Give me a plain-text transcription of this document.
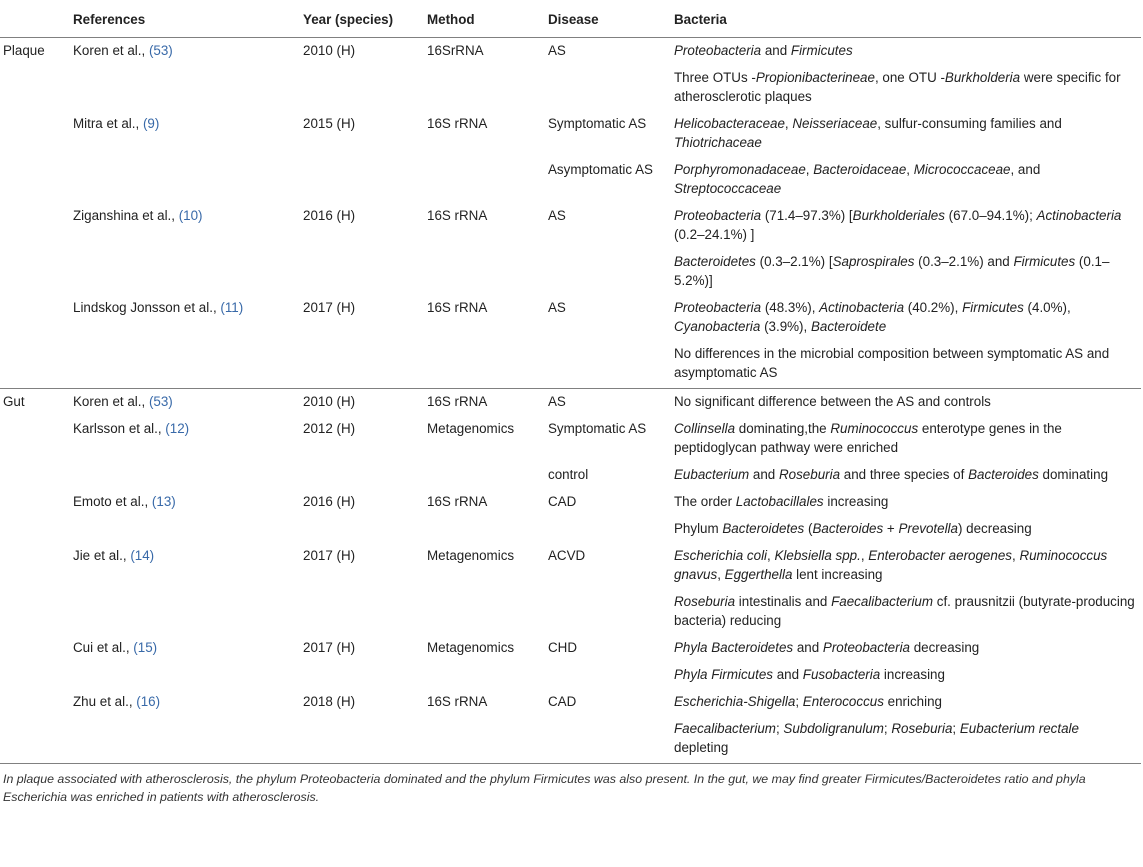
	References	Year (species)	Method	Disease	Bacteria
Plaque	Koren et al., (53)	2010 (H)	16SrRNA	AS	Proteobacteria and Firmicutes
					Three OTUs -Propionibacterineae, one OTU -Burkholderia were specific for atherosclerotic plaques
	Mitra et al., (9)	2015 (H)	16S rRNA	Symptomatic AS	Helicobacteraceae, Neisseriaceae, sulfur-consuming families and Thiotrichaceae
				Asymptomatic AS	Porphyromonadaceae, Bacteroidaceae, Micrococcaceae, and Streptococcaceae
	Ziganshina et al., (10)	2016 (H)	16S rRNA	AS	Proteobacteria (71.4–97.3%) [Burkholderiales (67.0–94.1%); Actinobacteria (0.2–24.1%) ]
					Bacteroidetes (0.3–2.1%) [Saprospirales (0.3–2.1%) and Firmicutes (0.1–5.2%)]
	Lindskog Jonsson et al., (11)	2017 (H)	16S rRNA	AS	Proteobacteria (48.3%), Actinobacteria (40.2%), Firmicutes (4.0%), Cyanobacteria (3.9%), Bacteroidete
					No differences in the microbial composition between symptomatic AS and asymptomatic AS
Gut	Koren et al., (53)	2010 (H)	16S rRNA	AS	No significant difference between the AS and controls
	Karlsson et al., (12)	2012 (H)	Metagenomics	Symptomatic AS	Collinsella dominating,the Ruminococcus enterotype genes in the peptidoglycan pathway were enriched
				control	Eubacterium and Roseburia and three species of Bacteroides dominating
	Emoto et al., (13)	2016 (H)	16S rRNA	CAD	The order Lactobacillales increasing
					Phylum Bacteroidetes (Bacteroides + Prevotella) decreasing
	Jie et al., (14)	2017 (H)	Metagenomics	ACVD	Escherichia coli, Klebsiella spp., Enterobacter aerogenes, Ruminococcus gnavus, Eggerthella lent increasing
					Roseburia intestinalis and Faecalibacterium cf. prausnitzii (butyrate-producing bacteria) reducing
	Cui et al., (15)	2017 (H)	Metagenomics	CHD	Phyla Bacteroidetes and Proteobacteria decreasing
					Phyla Firmicutes and Fusobacteria increasing
	Zhu et al., (16)	2018 (H)	16S rRNA	CAD	Escherichia-Shigella; Enterococcus enriching
					Faecalibacterium; Subdoligranulum; Roseburia; Eubacterium rectale depleting
In plaque associated with atherosclerosis, the phylum Proteobacteria dominated and the phylum Firmicutes was also present. In the gut, we may find greater Firmicutes/Bacteroidetes ratio and phyla Escherichia was enriched in patients with atherosclerosis.
